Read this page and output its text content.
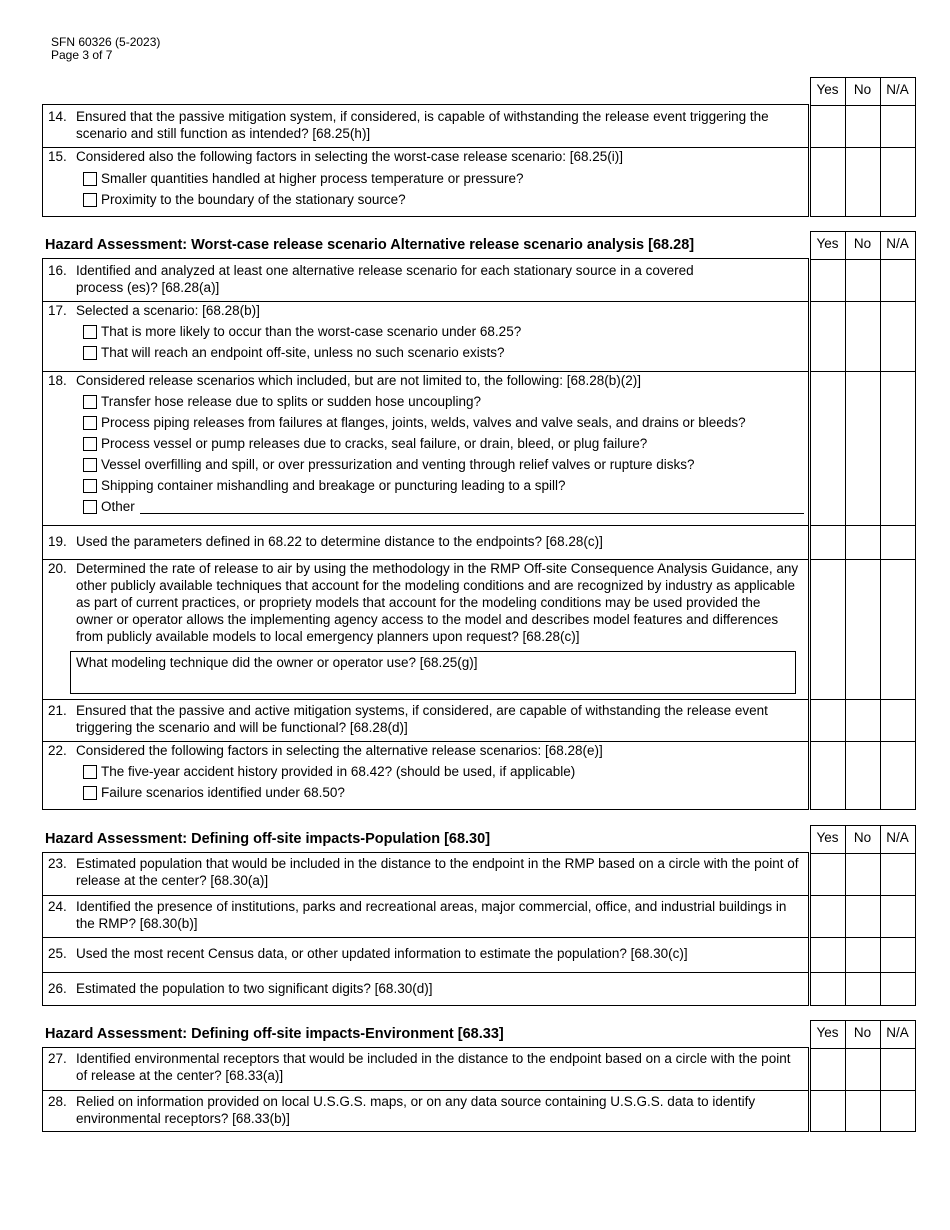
SFN 60326 (5-2023)
Page 3 of 7
Yes	No	N/A
14. Ensured that the passive mitigation system, if considered, is capable of withstanding the release event triggering the scenario and still function as intended? [68.25(h)]
15. Considered also the following factors in selecting the worst-case release scenario: [68.25(i)]
Smaller quantities handled at higher process temperature or pressure?
Proximity to the boundary of the stationary source?
Hazard Assessment: Worst-case release scenario Alternative release scenario analysis [68.28]	Yes	No	N/A
16. Identified and analyzed at least one alternative release scenario for each stationary source in a covered process (es)? [68.28(a)]
17. Selected a scenario: [68.28(b)]
That is more likely to occur than the worst-case scenario under 68.25?
That will reach an endpoint off-site, unless no such scenario exists?
18. Considered release scenarios which included, but are not limited to, the following: [68.28(b)(2)]
Transfer hose release due to splits or sudden hose uncoupling?
Process piping releases from failures at flanges, joints, welds, valves and valve seals, and drains or bleeds?
Process vessel or pump releases due to cracks, seal failure, or drain, bleed, or plug failure?
Vessel overfilling and spill, or over pressurization and venting through relief valves or rupture disks?
Shipping container mishandling and breakage or puncturing leading to a spill?
Other
19. Used the parameters defined in 68.22 to determine distance to the endpoints? [68.28(c)]
20. Determined the rate of release to air by using the methodology in the RMP Off-site Consequence Analysis Guidance, any other publicly available techniques that account for the modeling conditions and are recognized by industry as applicable as part of current practices, or propriety models that account for the modeling conditions may be used provided the owner or operator allows the implementing agency access to the model and describes model features and differences from publicly available models to local emergency planners upon request? [68.28(c)]
What modeling technique did the owner or operator use? [68.25(g)]
21. Ensured that the passive and active mitigation systems, if considered, are capable of withstanding the release event triggering the scenario and will be functional? [68.28(d)]
22. Considered the following factors in selecting the alternative release scenarios: [68.28(e)]
The five-year accident history provided in 68.42? (should be used, if applicable)
Failure scenarios identified under 68.50?
Hazard Assessment: Defining off-site impacts-Population [68.30]	Yes	No	N/A
23. Estimated population that would be included in the distance to the endpoint in the RMP based on a circle with the point of release at the center? [68.30(a)]
24. Identified the presence of institutions, parks and recreational areas, major commercial, office, and industrial buildings in the RMP? [68.30(b)]
25. Used the most recent Census data, or other updated information to estimate the population? [68.30(c)]
26. Estimated the population to two significant digits? [68.30(d)]
Hazard Assessment: Defining off-site impacts-Environment [68.33]	Yes	No	N/A
27. Identified environmental receptors that would be included in the distance to the endpoint based on a circle with the point of release at the center? [68.33(a)]
28. Relied on information provided on local U.S.G.S. maps, or on any data source containing U.S.G.S. data to identify environmental receptors? [68.33(b)]
